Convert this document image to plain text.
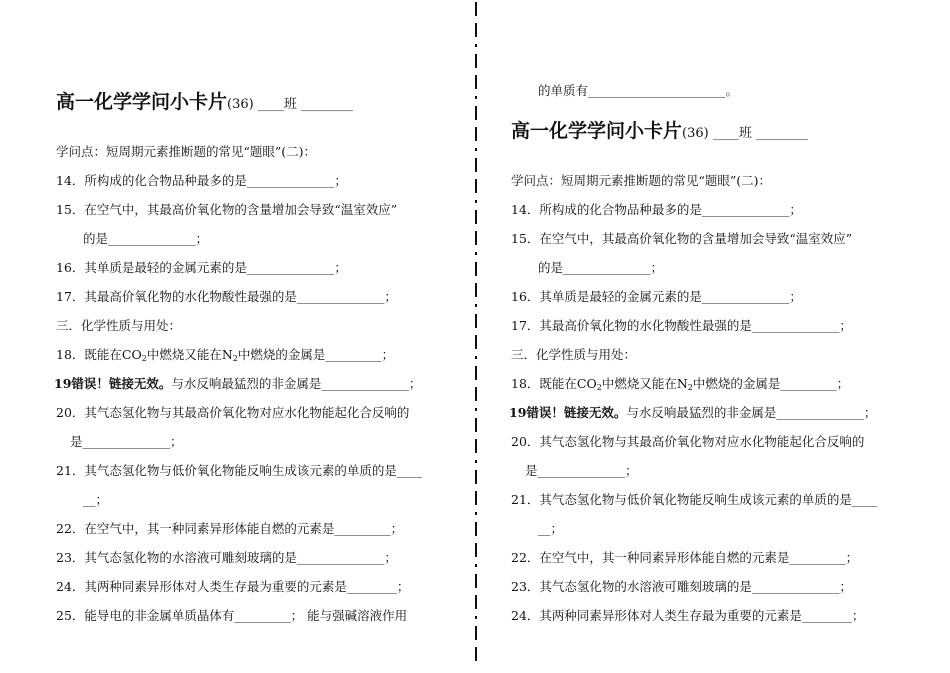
高一化学学问小卡片(36) ____班 ________
学问点：短周期元素推断题的常见“题眼”(二)：
14．所构成的化合物品种最多的是______________；
15．在空气中，其最高价氧化物的含量增加会导致“温室效应”
的是______________；
16．其单质是最轻的金属元素的是______________；
17．其最高价氧化物的水化物酸性最强的是______________；
三．化学性质与用处：
18．既能在$CO_2$中燃烧又能在$N_2$中燃烧的金属是_________；
19错误！链接无效。与水反响最猛烈的非金属是______________；
20．其气态氢化物与其最高价氧化物对应水化物能起化合反响的
是______________；
21．其气态氢化物与低价氧化物能反响生成该元素的单质的是____
__；
22．在空气中，其一种同素异形体能自燃的元素是_________；
23．其气态氢化物的水溶液可雕刻玻璃的是______________；
24．其两种同素异形体对人类生存最为重要的元素是________；
25．能导电的非金属单质晶体有_________； 能与强碱溶液作用
的单质有______________________。
高一化学学问小卡片(36) ____班 ________
学问点：短周期元素推断题的常见“题眼”(二)：
14．所构成的化合物品种最多的是______________；
15．在空气中，其最高价氧化物的含量增加会导致“温室效应”
的是______________；
16．其单质是最轻的金属元素的是______________；
17．其最高价氧化物的水化物酸性最强的是______________；
三．化学性质与用处：
18．既能在$CO_2$中燃烧又能在$N_2$中燃烧的金属是_________；
19错误！链接无效。与水反响最猛烈的非金属是______________；
20．其气态氢化物与其最高价氧化物对应水化物能起化合反响的
是______________；
21．其气态氢化物与低价氧化物能反响生成该元素的单质的是____
__；
22．在空气中，其一种同素异形体能自燃的元素是_________；
23．其气态氢化物的水溶液可雕刻玻璃的是______________；
24．其两种同素异形体对人类生存最为重要的元素是________；
